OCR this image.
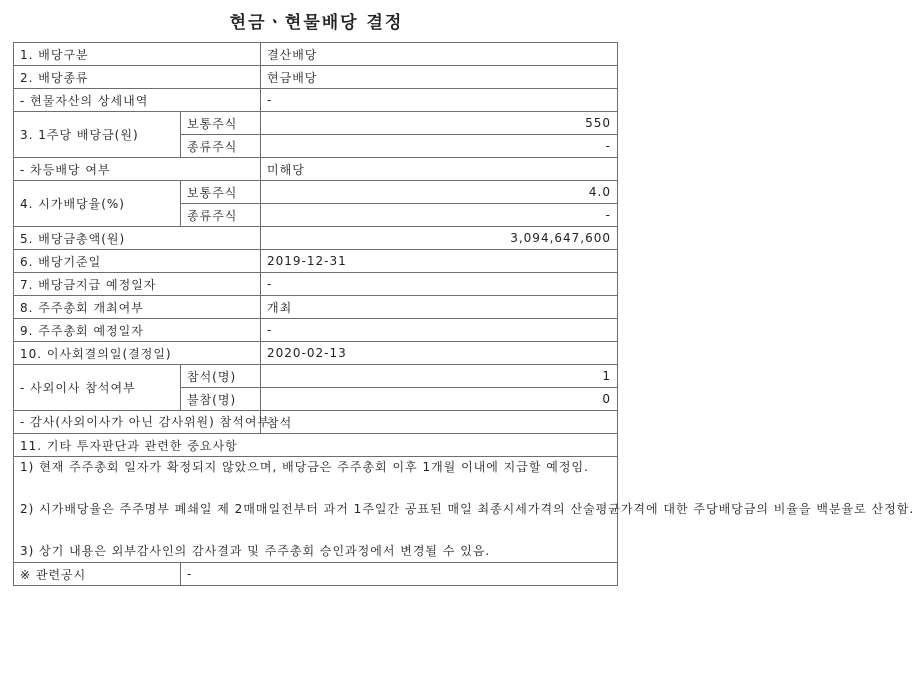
현금ㆍ현물배당 결정
1. 배당구분		결산배당
2. 배당종류		현금배당
- 현물자산의 상세내역		-
3. 1주당 배당금(원)	보통주식	550
	종류주식	-
- 차등배당 여부		미해당
4. 시가배당율(%)	보통주식	4.0
	종류주식	-
5. 배당금총액(원)		3,094,647,600
6. 배당기준일		2019-12-31
7. 배당금지급 예정일자		-
8. 주주총회 개최여부		개최
9. 주주총회 예정일자		-
10. 이사회결의일(결정일)		2020-02-13
- 사외이사 참석여부	참석(명)	1
	불참(명)	0
- 감사(사외이사가 아닌 감사위원) 참석여부		참석
11. 기타 투자판단과 관련한 중요사항		

1) 현재 주주총회 일자가 확정되지 않았으며, 배당금은 주주총회 이후 1개월 이내에 지급할 예정임.

2) 시가배당율은 주주명부 폐쇄일 제 2매매일전부터 과거 1주일간 공표된 매일 최종시세가격의 산술평균가격에 대한 주당배당금의 비율을 백분율로 산정함.

3) 상기 내용은 외부감사인의 감사결과 및 주주총회 승인과정에서 변경될 수 있음.		

※ 관련공시	-	
